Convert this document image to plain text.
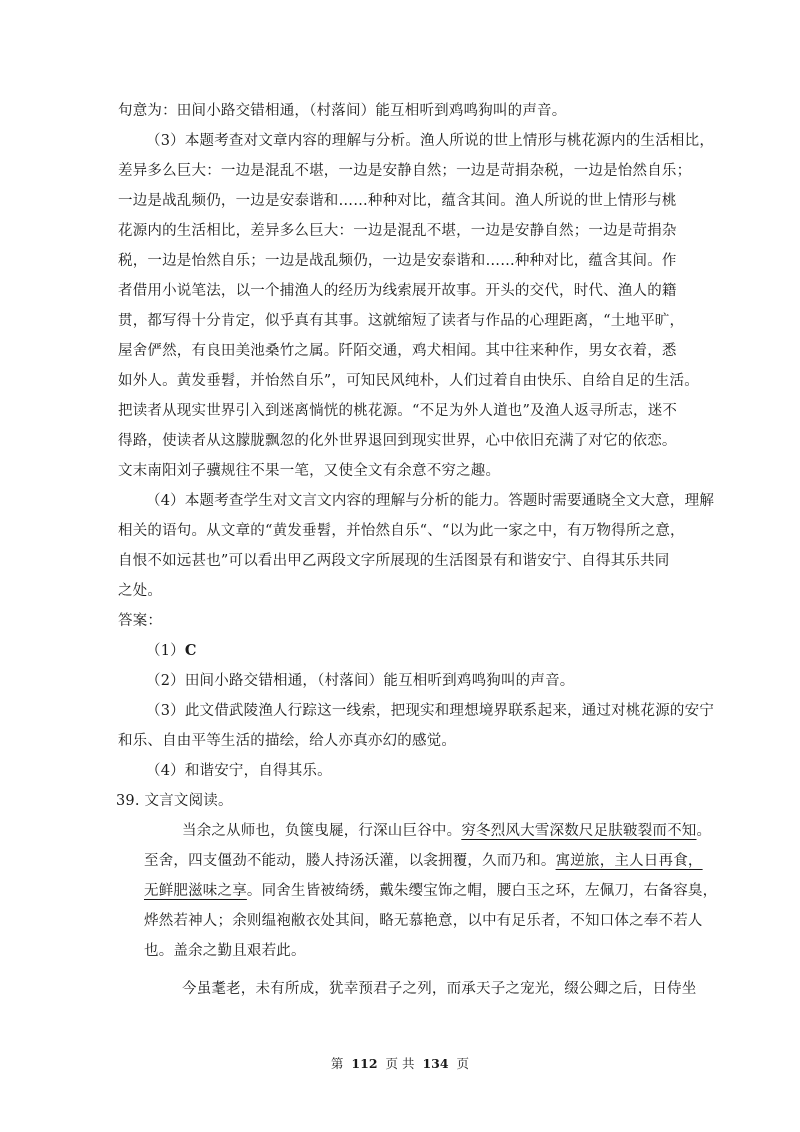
句意为：田间小路交错相通，（村落间）能互相听到鸡鸣狗叫的声音。
（3）本题考查对文章内容的理解与分析。渔人所说的世上情形与桃花源内的生活相比，
差异多么巨大：一边是混乱不堪，一边是安静自然；一边是苛捐杂税，一边是怡然自乐；
一边是战乱频仍，一边是安泰谐和……种种对比，蕴含其间。渔人所说的世上情形与桃
花源内的生活相比，差异多么巨大：一边是混乱不堪，一边是安静自然；一边是苛捐杂
税，一边是怡然自乐；一边是战乱频仍，一边是安泰谐和……种种对比，蕴含其间。作
者借用小说笔法，以一个捕渔人的经历为线索展开故事。开头的交代，时代、渔人的籍
贯，都写得十分肯定，似乎真有其事。这就缩短了读者与作品的心理距离，“土地平旷，
屋舍俨然，有良田美池桑竹之属。阡陌交通，鸡犬相闻。其中往来种作，男女衣着，悉
如外人。黄发垂髫，并怡然自乐”，可知民风纯朴，人们过着自由快乐、自给自足的生活。
把读者从现实世界引入到迷离惝恍的桃花源。“不足为外人道也”及渔人返寻所志，迷不
得路，使读者从这朦胧飘忽的化外世界退回到现实世界，心中依旧充满了对它的依恋。
文末南阳刘子骥规往不果一笔，又使全文有余意不穷之趣。
（4）本题考查学生对文言文内容的理解与分析的能力。答题时需要通晓全文大意，理解
相关的语句。从文章的“黄发垂髫，并怡然自乐“、“以为此一家之中，有万物得所之意，
自恨不如远甚也”可以看出甲乙两段文字所展现的生活图景有和谐安宁、自得其乐共同
之处。
答案：
（1）C
（2）田间小路交错相通，（村落间）能互相听到鸡鸣狗叫的声音。
（3）此文借武陵渔人行踪这一线索，把现实和理想境界联系起来，通过对桃花源的安宁
和乐、自由平等生活的描绘，给人亦真亦幻的感觉。
（4）和谐安宁，自得其乐。
39. 文言文阅读。
当余之从师也，负箧曳屣，行深山巨谷中。穷冬烈风大雪深数尺足肤皲裂而不知。
至舍，四支僵劲不能动，媵人持汤沃灌，以衾拥覆，久而乃和。寓逆旅，主人日再食，
无鲜肥滋味之享。同舍生皆被绮绣，戴朱缨宝饰之帽，腰白玉之环，左佩刀，右备容臭，
烨然若神人；余则缊袍敝衣处其间，略无慕艳意，以中有足乐者，不知口体之奉不若人
也。盖余之勤且艰若此。
今虽耄老，未有所成，犹幸预君子之列，而承天子之宠光，缀公卿之后，日侍坐
第 112 页 共 134 页
